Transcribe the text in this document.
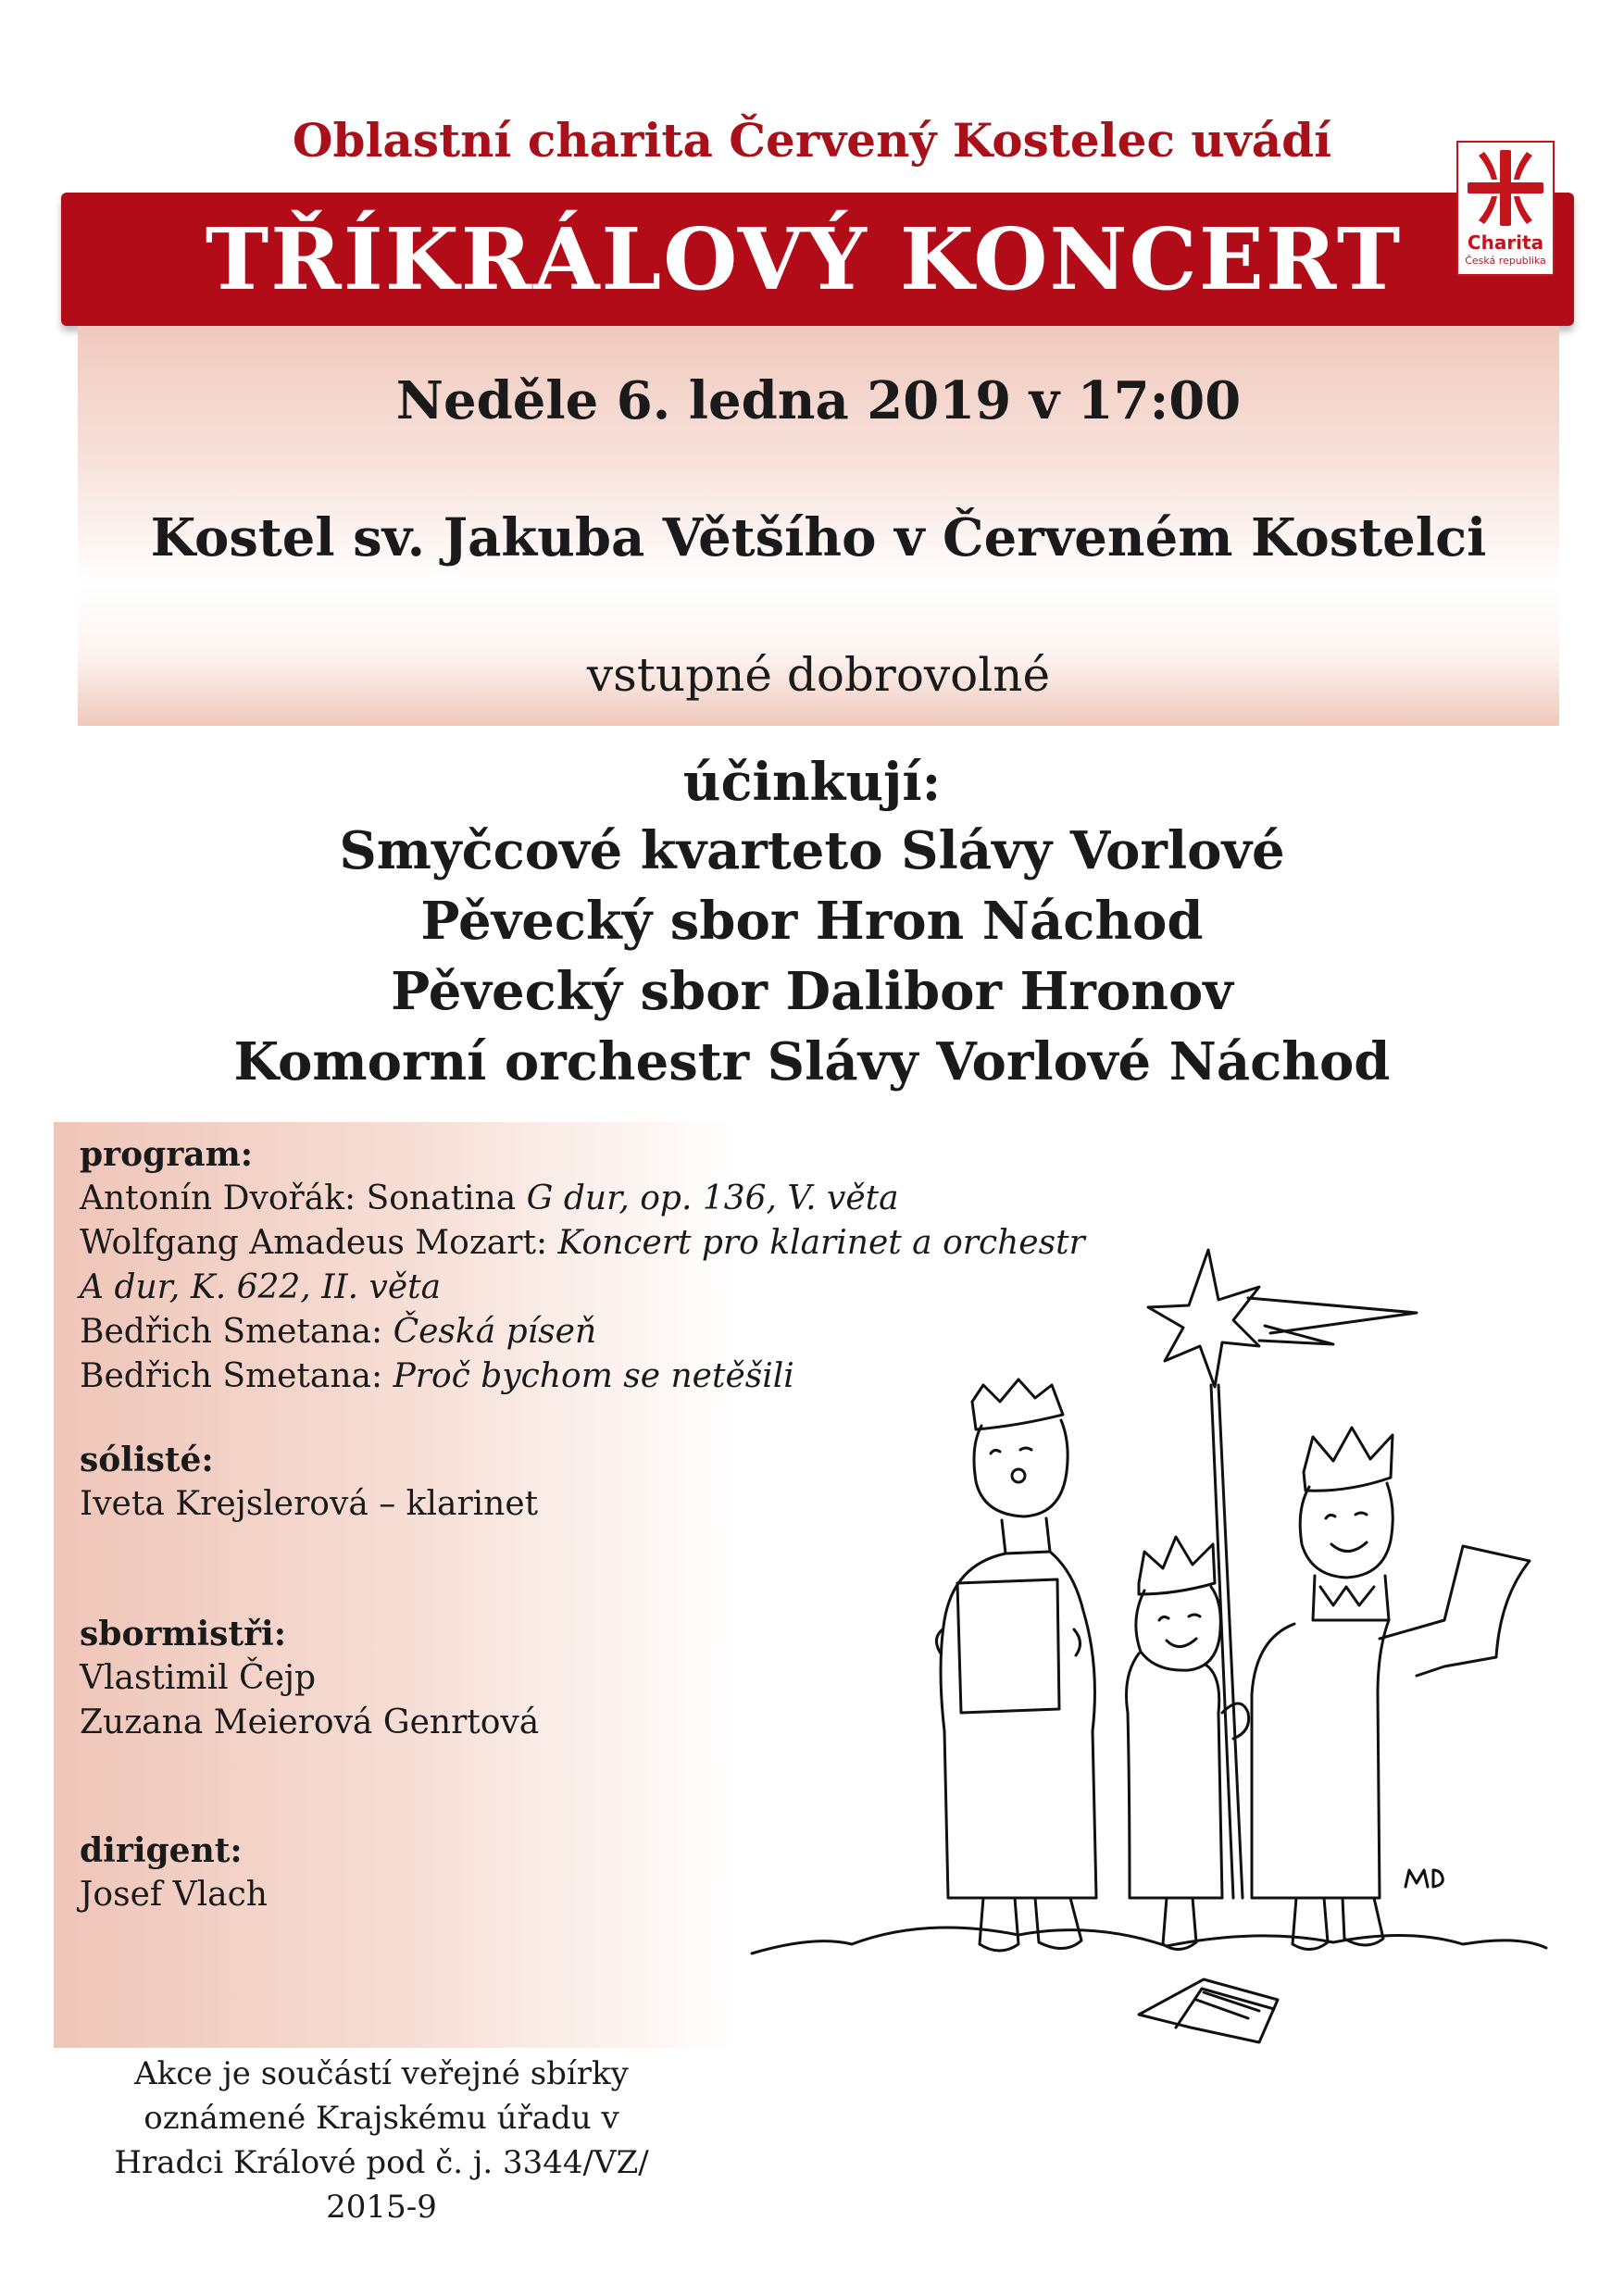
Oblastní charita Červený Kostelec uvádí
TŘÍKRÁLOVÝ KONCERT	Charita
Česká republika
Neděle 6. ledna 2019 v 17:00
Kostel sv. Jakuba Většího v Červeném Kostelci
vstupné dobrovolné
účinkují:
Smyčcové kvarteto Slávy Vorlové
Pěvecký sbor Hron Náchod
Pěvecký sbor Dalibor Hronov
Komorní orchestr Slávy Vorlové Náchod
program:
Antonín Dvořák: Sonatina G dur, op. 136, V. věta
Wolfgang Amadeus Mozart: Koncert pro klarinet a orchestr
A dur, K. 622, II. věta
Bedřich Smetana: Česká píseň
Bedřich Smetana: Proč bychom se netěšili
sólisté:
Iveta Krejslerová – klarinet
sbormistři:
Vlastimil Čejp
Zuzana Meierová Genrtová
dirigent:
Josef Vlach
Akce je součástí veřejné sbírky
oznámené Krajskému úřadu v
Hradci Králové pod č. j. 3344/VZ/
2015-9
